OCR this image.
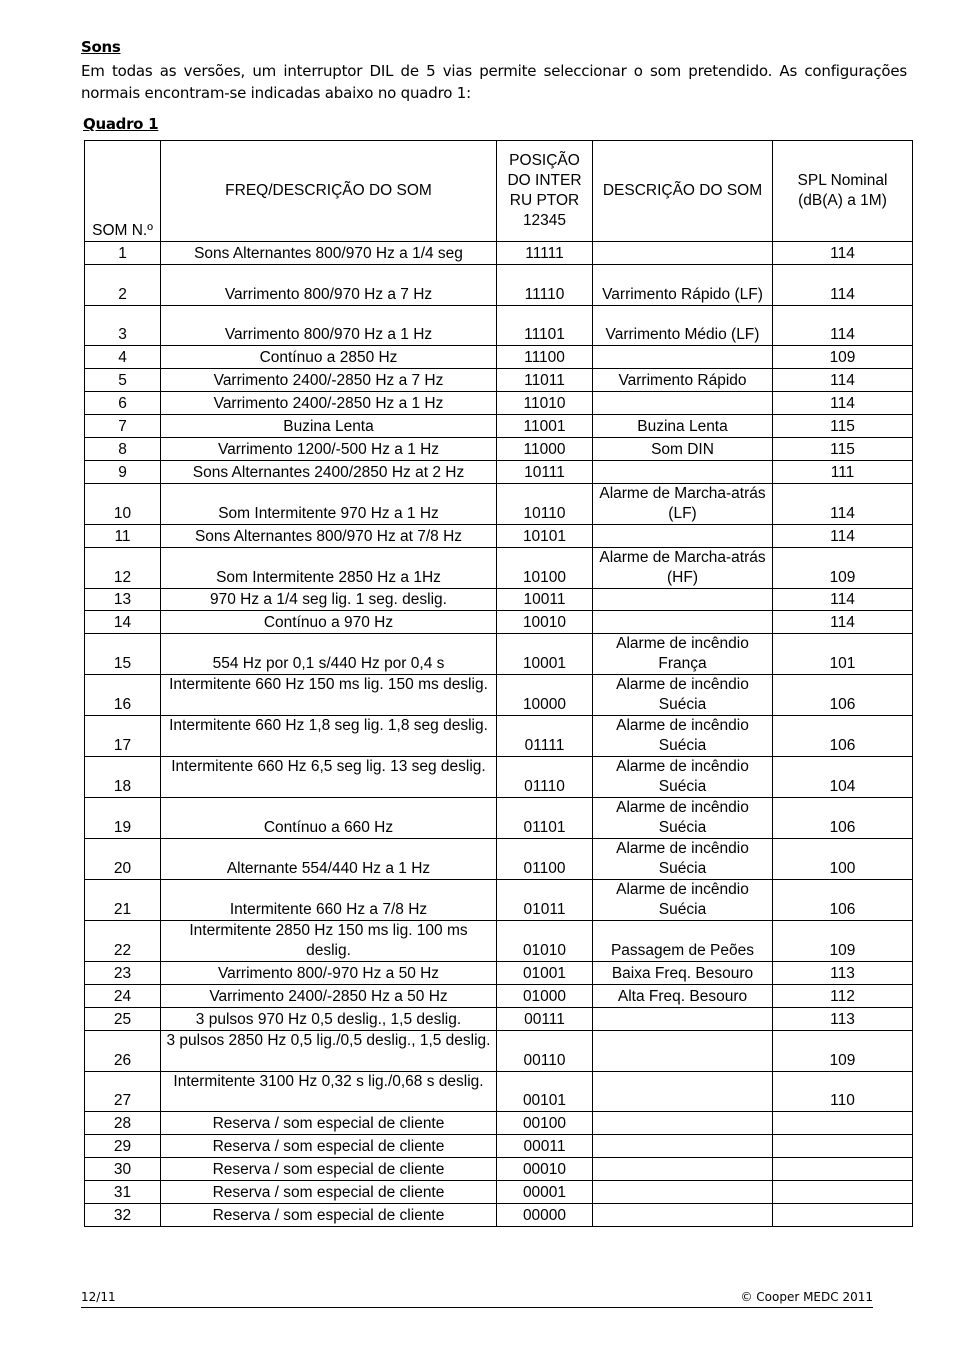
Sons

Em todas as versões, um interruptor DIL de 5 vias permite seleccionar o som pretendido. As configurações normais encontram-se indicadas abaixo no quadro 1:

Quadro 1
SOM N.º	FREQ/DESCRIÇÃO DO SOM	POSIÇÃO DO INTERRU PTOR 12345	DESCRIÇÃO DO SOM	SPL Nominal (dB(A) a 1M)
1	Sons Alternantes 800/970 Hz a 1/4 seg	11111		114
2	Varrimento 800/970 Hz a 7 Hz	11110	Varrimento Rápido (LF)	114
3	Varrimento 800/970 Hz a 1 Hz	11101	Varrimento Médio (LF)	114
4	Contínuo a 2850 Hz	11100		109
5	Varrimento 2400/-2850 Hz a 7 Hz	11011	Varrimento Rápido	114
6	Varrimento 2400/-2850 Hz a 1 Hz	11010		114
7	Buzina Lenta	11001	Buzina Lenta	115
8	Varrimento 1200/-500 Hz a 1 Hz	11000	Som DIN	115
9	Sons Alternantes 2400/2850 Hz at 2 Hz	10111		111
10	Som Intermitente 970 Hz a 1 Hz	10110	Alarme de Marcha-atrás (LF)	114
11	Sons Alternantes 800/970 Hz at 7/8 Hz	10101		114
12	Som Intermitente 2850 Hz a 1Hz	10100	Alarme de Marcha-atrás (HF)	109
13	970 Hz a 1/4 seg lig. 1 seg. deslig.	10011		114
14	Contínuo a 970 Hz	10010		114
15	554 Hz por 0,1 s/440 Hz por 0,4 s	10001	Alarme de incêndio França	101
16	Intermitente 660 Hz 150 ms lig. 150 ms deslig.	10000	Alarme de incêndio Suécia	106
17	Intermitente 660 Hz 1,8 seg lig. 1,8 seg deslig.	01111	Alarme de incêndio Suécia	106
18	Intermitente 660 Hz 6,5 seg lig. 13 seg deslig.	01110	Alarme de incêndio Suécia	104
19	Contínuo a 660 Hz	01101	Alarme de incêndio Suécia	106
20	Alternante 554/440 Hz a 1 Hz	01100	Alarme de incêndio Suécia	100
21	Intermitente 660 Hz a 7/8 Hz	01011	Alarme de incêndio Suécia	106
22	Intermitente 2850 Hz 150 ms lig. 100 ms deslig.	01010	Passagem de Peões	109
23	Varrimento 800/-970 Hz a 50 Hz	01001	Baixa Freq. Besouro	113
24	Varrimento 2400/-2850 Hz a 50 Hz	01000	Alta Freq. Besouro	112
25	3 pulsos 970 Hz 0,5 deslig., 1,5 deslig.	00111		113
26	3 pulsos 2850 Hz 0,5 lig./0,5 deslig., 1,5 deslig.	00110		109
27	Intermitente 3100 Hz 0,32 s lig./0,68 s deslig.	00101		110
28	Reserva / som especial de cliente	00100		
29	Reserva / som especial de cliente	00011		
30	Reserva / som especial de cliente	00010		
31	Reserva / som especial de cliente	00001		
32	Reserva / som especial de cliente	00000		
12/11	© Cooper MEDC 2011
